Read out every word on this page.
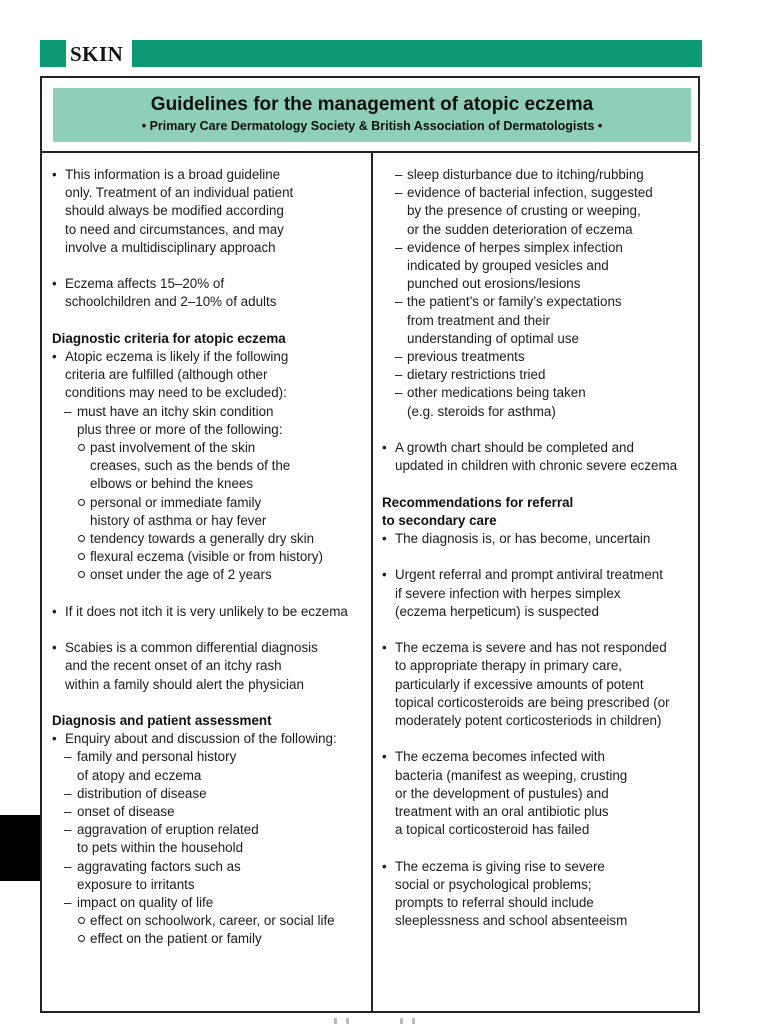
SKIN
Guidelines for the management of atopic eczema
• Primary Care Dermatology Society & British Association of Dermatologists •
• This information is a broad guideline
only. Treatment of an individual patient
should always be modified according
to need and circumstances, and may
involve a multidisciplinary approach
• Eczema affects 15–20% of
schoolchildren and 2–10% of adults

Diagnostic criteria for atopic eczema

• Atopic eczema is likely if the following
criteria are fulfilled (although other
conditions may need to be excluded):
– must have an itchy skin condition
plus three or more of the following:
past involvement of the skin
creases, such as the bends of the
elbows or behind the knees
personal or immediate family
history of asthma or hay fever
tendency towards a generally dry skin
flexural eczema (visible or from history)
onset under the age of 2 years
• If it does not itch it is very unlikely to be eczema
• Scabies is a common differential diagnosis
and the recent onset of an itchy rash
within a family should alert the physician

Diagnosis and patient assessment

• Enquiry about and discussion of the following:
– family and personal history
of atopy and eczema
– distribution of disease
– onset of disease
– aggravation of eruption related
to pets within the household
– aggravating factors such as
exposure to irritants
– impact on quality of life
effect on schoolwork, career, or social life
effect on the patient or family
– sleep disturbance due to itching/rubbing
– evidence of bacterial infection, suggested
by the presence of crusting or weeping,
or the sudden deterioration of eczema
– evidence of herpes simplex infection
indicated by grouped vesicles and
punched out erosions/lesions
– the patient’s or family’s expectations
from treatment and their
understanding of optimal use
– previous treatments
– dietary restrictions tried
– other medications being taken
(e.g. steroids for asthma)
• A growth chart should be completed and
updated in children with chronic severe eczema

Recommendations for referral
to secondary care

• The diagnosis is, or has become, uncertain
• Urgent referral and prompt antiviral treatment
if severe infection with herpes simplex
(eczema herpeticum) is suspected
• The eczema is severe and has not responded
to appropriate therapy in primary care,
particularly if excessive amounts of potent
topical corticosteroids are being prescribed (or
moderately potent corticosteriods in children)
• The eczema becomes infected with
bacteria (manifest as weeping, crusting
or the development of pustules) and
treatment with an oral antibiotic plus
a topical corticosteroid has failed
• The eczema is giving rise to severe
social or psychological problems;
prompts to referral should include
sleeplessness and school absenteeism
